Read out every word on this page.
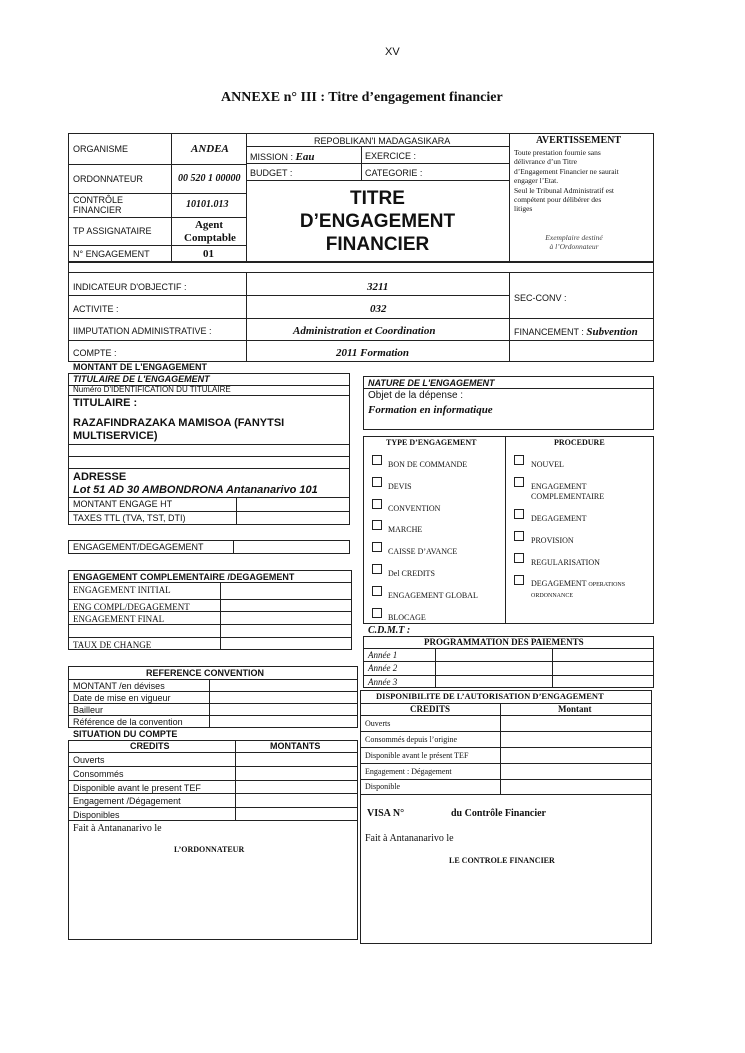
XV
ANNEXE n° III : Titre d’engagement financier
ORGANISME	ANDEA
ORDONNATEUR	00 520 1 00000
CONTRÔLE
FINANCIER	10101.013
TP ASSIGNATAIRE	Agent
Comptable
N° ENGAGEMENT	01
REPOBLIKAN'I MADAGASIKARA
MISSION : Eau	EXERCICE :
BUDGET :	CATEGORIE :
TITRE
D’ENGAGEMENT
FINANCIER
AVERTISSEMENT
Toute prestation fournie sans
délivrance d’un Titre
d’Engagement Financier ne saurait
engager l’Etat.
Seul le Tribunal Administratif est
compétent pour délibérer des
litiges
Exemplaire destiné
à l’Ordonnateur
INDICATEUR D'OBJECTIF :	3211
ACTIVITE :	032
SEC-CONV :
IIMPUTATION ADMINISTRATIVE :	Administration et Coordination	FINANCEMENT : Subvention
COMPTE :	2011 Formation
MONTANT DE L'ENGAGEMENT
TITULAIRE DE L'ENGAGEMENT
Numéro D'IDENTIFICATION DU TITULAIRE
TITULAIRE :
RAZAFINDRAZAKA MAMISOA (FANYTSI
MULTISERVICE)
ADRESSE
Lot 51 AD 30 AMBONDRONA Antananarivo 101
MONTANT ENGAGE HT
TAXES TTL (TVA, TST, DTI)
ENGAGEMENT/DEGAGEMENT
ENGAGEMENT COMPLEMENTAIRE /DEGAGEMENT
ENGAGEMENT INITIAL
ENG COMPL/DEGAGEMENT
ENGAGEMENT FINAL
TAUX DE CHANGE
REFERENCE CONVENTION
MONTANT /en dévises
Date de mise en vigueur
Bailleur
Référence de la convention
SITUATION DU COMPTE
CREDITS	MONTANTS
Ouverts
Consommés
Disponible avant le present TEF
Engagement /Dégagement
Disponibles
Fait à Antananarivo le
L’ORDONNATEUR
NATURE DE L'ENGAGEMENT
Objet de la dépense :
Formation en informatique
TYPE D’ENGAGEMENT	PROCEDURE
BON DE COMMANDE
DEVIS
CONVENTION
MARCHE
CAISSE D’AVANCE
Del CREDITS
ENGAGEMENT GLOBAL
BLOCAGE
NOUVEL
ENGAGEMENT
COMPLEMENTAIRE
DEGAGEMENT
PROVISION
REGULARISATION
DEGAGEMENT OPERATIONS
ORDONNANCE
C.D.M.T :
PROGRAMMATION DES PAIEMENTS
Année 1
Année 2
Année 3
DISPONIBILITE DE L’AUTORISATION D’ENGAGEMENT
CREDITS	Montant
Ouverts
Consommés depuis l’origine
Disponible avant le présent TEF
Engagement : Dégagement
Disponible
VISA N°	du Contrôle Financier
Fait à Antananarivo le
LE CONTROLE FINANCIER
